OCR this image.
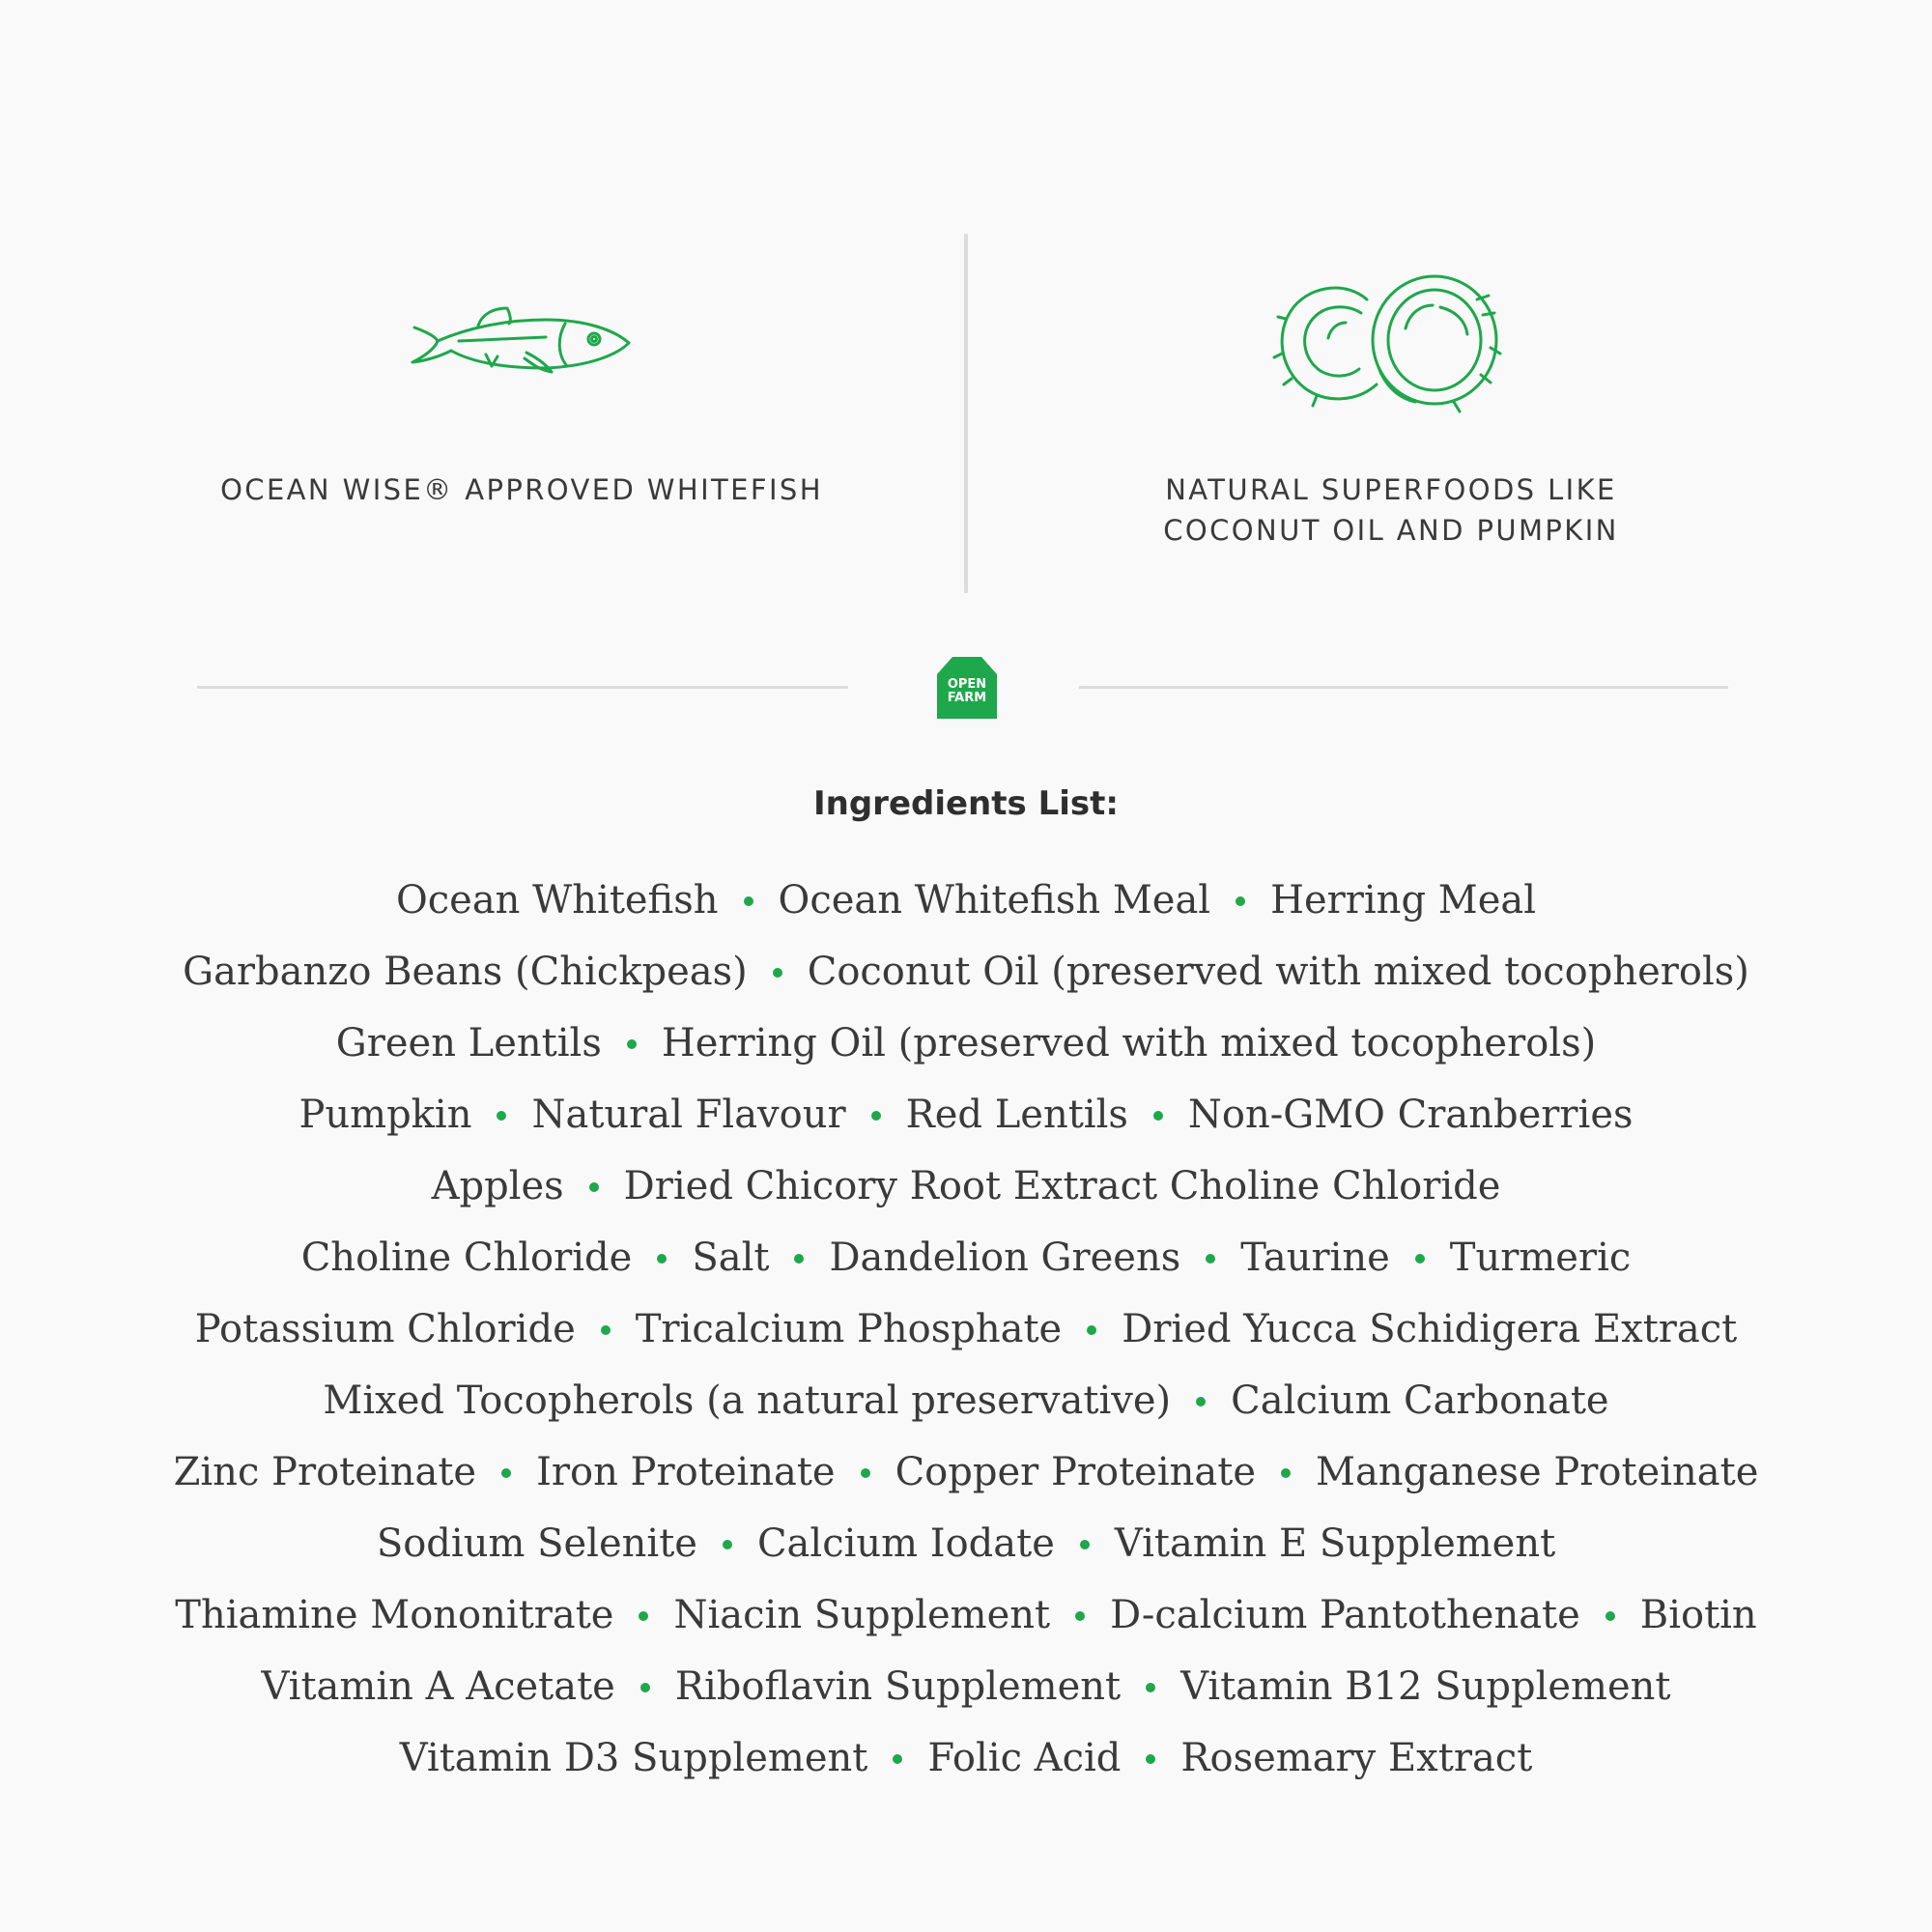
OCEAN WISE® APPROVED WHITEFISH	NATURAL SUPERFOODS LIKE
COCONUT OIL AND PUMPKIN
OPEN
FARM
Ingredients List:
Ocean Whitefish Ocean Whitefish Meal Herring Meal
Garbanzo Beans (Chickpeas) Coconut Oil (preserved with mixed tocopherols)
Green Lentils Herring Oil (preserved with mixed tocopherols)
Pumpkin Natural Flavour Red Lentils Non-GMO Cranberries
Apples Dried Chicory Root Extract Choline Chloride
Choline Chloride Salt Dandelion Greens Taurine Turmeric
Potassium Chloride Tricalcium Phosphate Dried Yucca Schidigera Extract
Mixed Tocopherols (a natural preservative) Calcium Carbonate
Zinc Proteinate Iron Proteinate Copper Proteinate Manganese Proteinate
Sodium Selenite Calcium Iodate Vitamin E Supplement
Thiamine Mononitrate Niacin Supplement D-calcium Pantothenate Biotin
Vitamin A Acetate Riboflavin Supplement Vitamin B12 Supplement
Vitamin D3 Supplement Folic Acid Rosemary Extract
